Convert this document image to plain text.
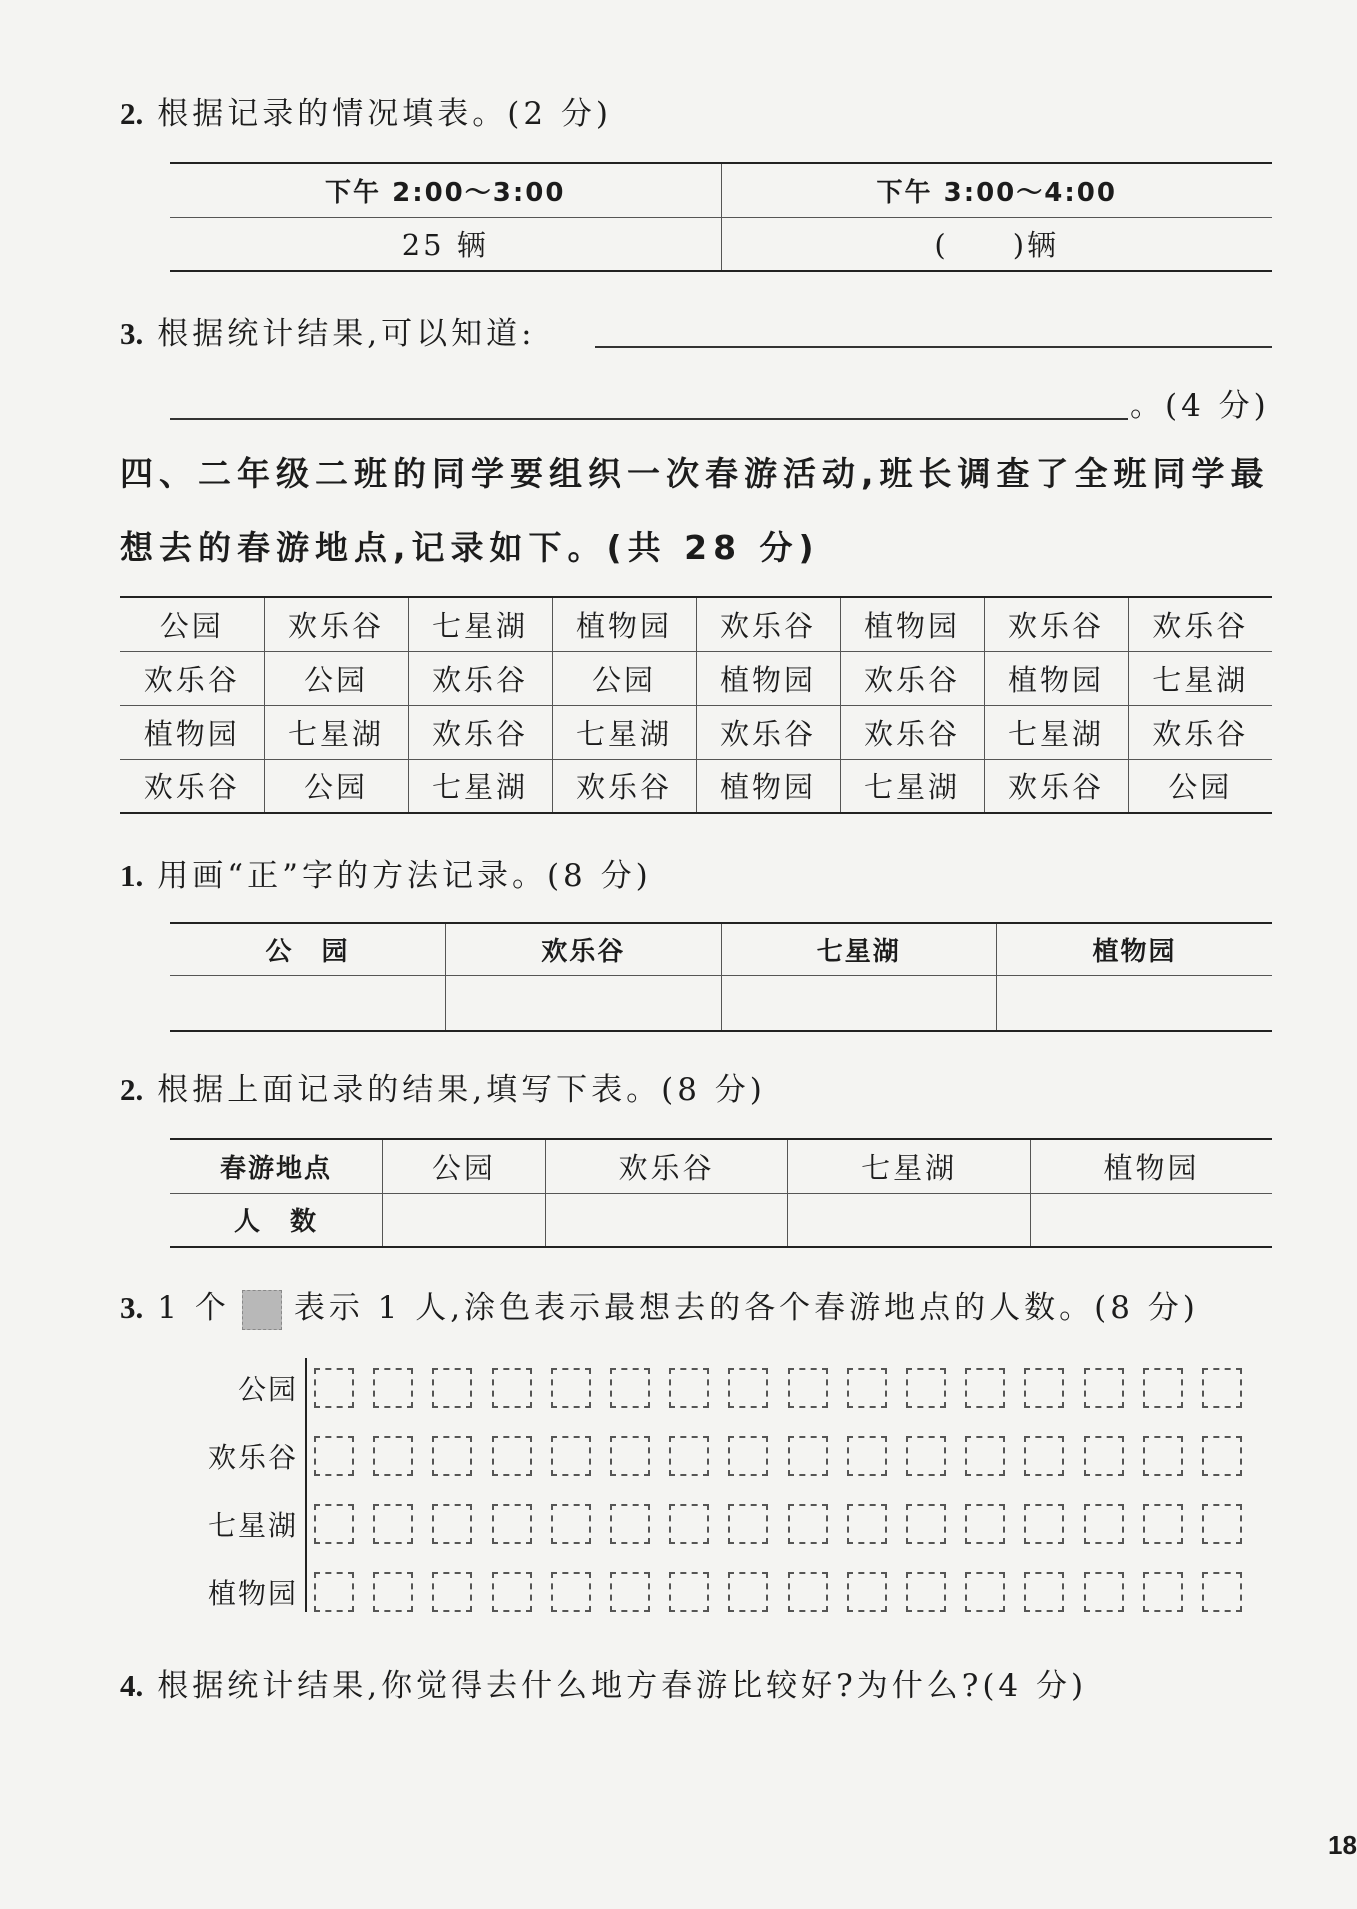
2. 根据记录的情况填表。(2 分)
下午 2:00～3:00	下午 3:00～4:00
25 辆	(　　)辆
3. 根据统计结果,可以知道:
。(4 分)
四、二年级二班的同学要组织一次春游活动,班长调查了全班同学最
想去的春游地点,记录如下。(共 28 分)
公园	欢乐谷	七星湖	植物园	欢乐谷	植物园	欢乐谷	欢乐谷
欢乐谷	公园	欢乐谷	公园	植物园	欢乐谷	植物园	七星湖
植物园	七星湖	欢乐谷	七星湖	欢乐谷	欢乐谷	七星湖	欢乐谷
欢乐谷	公园	七星湖	欢乐谷	植物园	七星湖	欢乐谷	公园
1. 用画“正”字的方法记录。(8 分)
公　园	欢乐谷	七星湖	植物园

2. 根据上面记录的结果,填写下表。(8 分)
春游地点	公园	欢乐谷	七星湖	植物园
人　数				
3. 1 个 表示 1 人,涂色表示最想去的各个春游地点的人数。(8 分)
公园
欢乐谷
七星湖
植物园
4. 根据统计结果,你觉得去什么地方春游比较好?为什么?(4 分)
18
